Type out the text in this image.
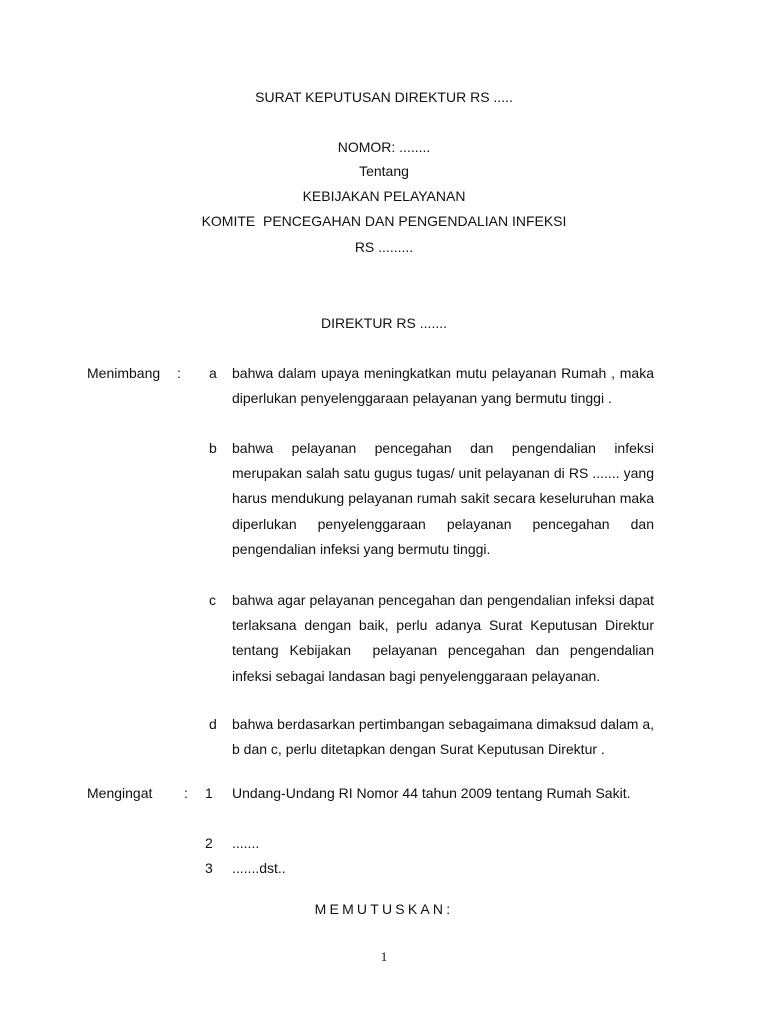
SURAT KEPUTUSAN DIREKTUR RS .....
NOMOR: ........
Tentang
KEBIJAKAN PELAYANAN
KOMITE  PENCEGAHAN DAN PENGENDALIAN INFEKSI
RS .........
DIREKTUR RS .......
Menimbang : a bahwa dalam upaya meningkatkan mutu pelayanan Rumah , maka diperlukan penyelenggaraan pelayanan yang bermutu tinggi .

b bahwa pelayanan pencegahan dan pengendalian infeksi merupakan salah satu gugus tugas/ unit pelayanan di RS ....... yang harus mendukung pelayanan rumah sakit secara keseluruhan maka diperlukan penyelenggaraan pelayanan pencegahan dan pengendalian infeksi yang bermutu tinggi.

c bahwa agar pelayanan pencegahan dan pengendalian infeksi dapat terlaksana dengan baik, perlu adanya Surat Keputusan Direktur tentang Kebijakan  pelayanan pencegahan dan pengendalian infeksi sebagai landasan bagi penyelenggaraan pelayanan.

d bahwa berdasarkan pertimbangan sebagaimana dimaksud dalam a, b dan c, perlu ditetapkan dengan Surat Keputusan Direktur .

Mengingat : 1 Undang-Undang RI Nomor 44 tahun 2009 tentang Rumah Sakit.

2 .......
3 .......dst..
MEMUTUSKAN:
1
